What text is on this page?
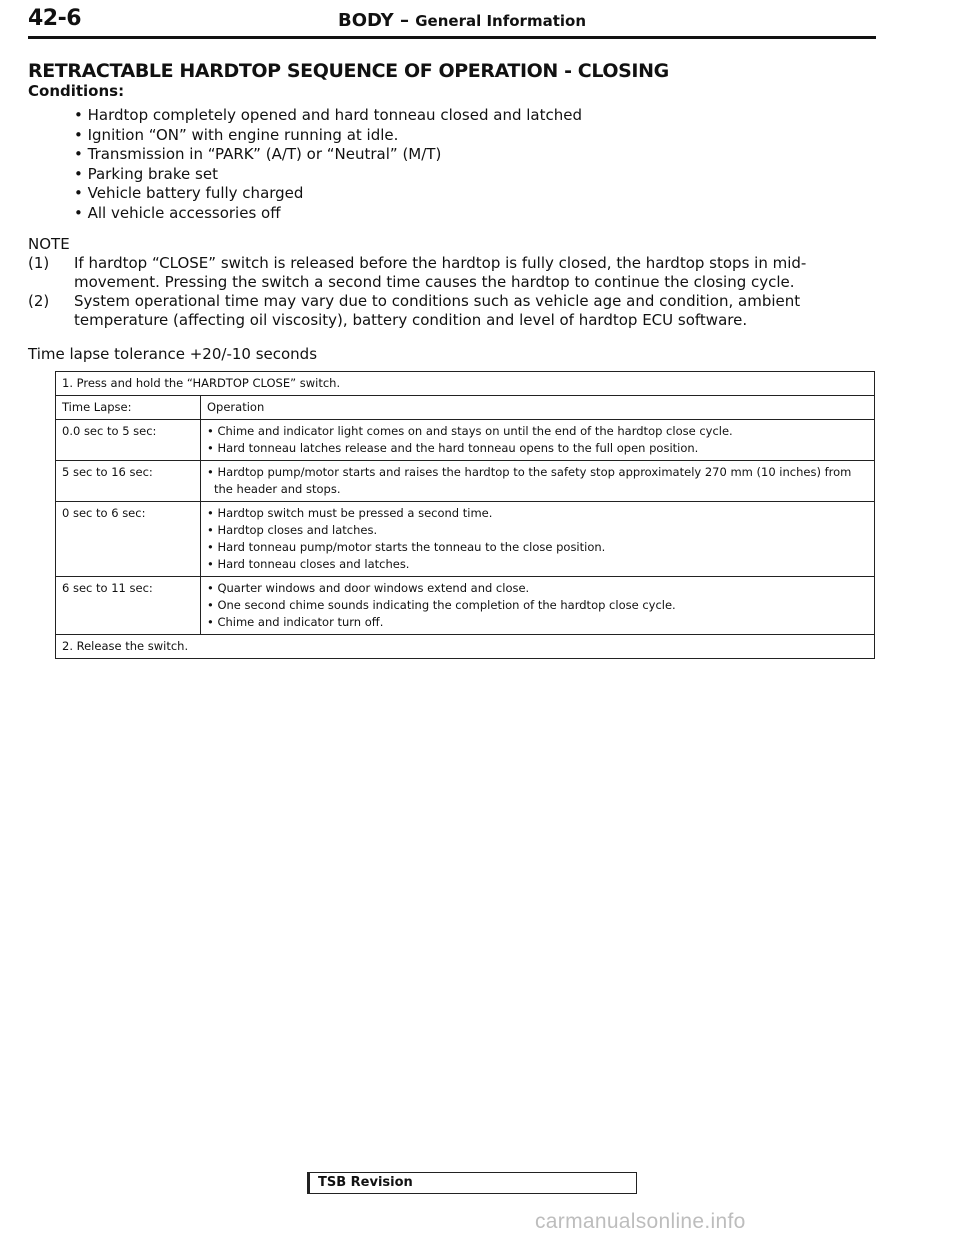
42-6	BODY – General Information
RETRACTABLE HARDTOP SEQUENCE OF OPERATION - CLOSING
Conditions:
• Hardtop completely opened and hard tonneau closed and latched
• Ignition “ON” with engine running at idle.
• Transmission in “PARK” (A/T) or “Neutral” (M/T)
• Parking brake set
• Vehicle battery fully charged
• All vehicle accessories off
NOTE
(1) If hardtop “CLOSE” switch is released before the hardtop is fully closed, the hardtop stops in mid-movement. Pressing the switch a second time causes the hardtop to continue the closing cycle.
(2) System operational time may vary due to conditions such as vehicle age and condition, ambient temperature (affecting oil viscosity), battery condition and level of hardtop ECU software.
Time lapse tolerance +20/-10 seconds
1. Press and hold the “HARDTOP CLOSE” switch.	
Time Lapse:	Operation
0.0 sec to 5 sec:	• Chime and indicator light comes on and stays on until the end of the hardtop close cycle.
• Hard tonneau latches release and the hard tonneau opens to the full open position.

5 sec to 16 sec:	• Hardtop pump/motor starts and raises the hardtop to the safety stop approximately 270 mm (10 inches) from the header and stops.

0 sec to 6 sec:	• Hardtop switch must be pressed a second time.
• Hardtop closes and latches.
• Hard tonneau pump/motor starts the tonneau to the close position.
• Hard tonneau closes and latches.

6 sec to 11 sec:	• Quarter windows and door windows extend and close.
• One second chime sounds indicating the completion of the hardtop close cycle.
• Chime and indicator turn off.

2. Release the switch.	
TSB Revision
carmanualsonline.info
